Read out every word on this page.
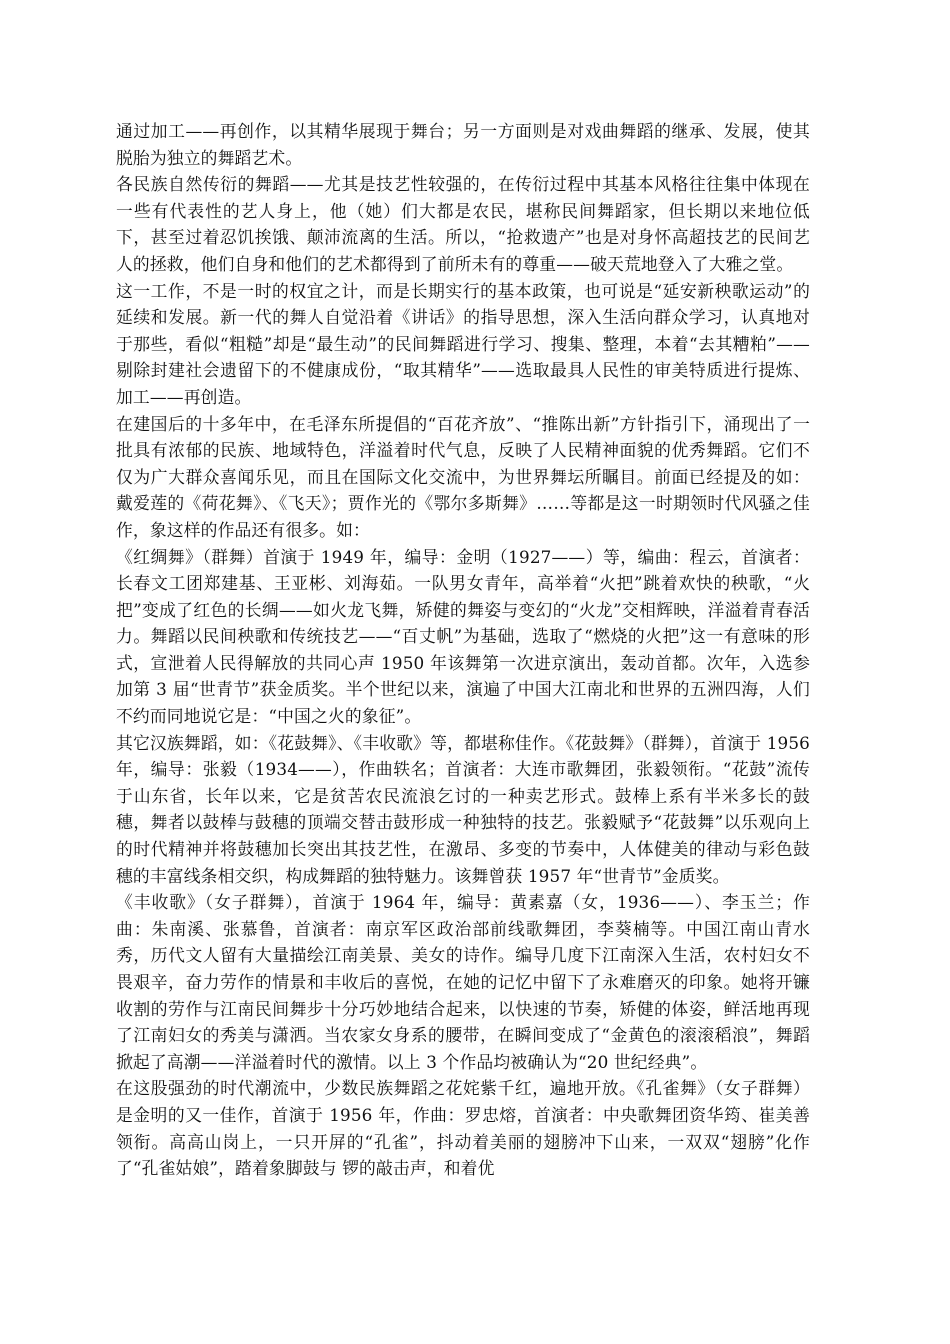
通过加工——再创作，以其精华展现于舞台；另一方面则是对戏曲舞蹈的继承、发展，使其脱胎为独立的舞蹈艺术。

各民族自然传衍的舞蹈——尤其是技艺性较强的，在传衍过程中其基本风格往往集中体现在一些有代表性的艺人身上，他（她）们大都是农民，堪称民间舞蹈家，但长期以来地位低下，甚至过着忍饥挨饿、颠沛流离的生活。所以，“抢救遗产”也是对身怀高超技艺的民间艺人的拯救，他们自身和他们的艺术都得到了前所未有的尊重——破天荒地登入了大雅之堂。

这一工作，不是一时的权宜之计，而是长期实行的基本政策，也可说是“延安新秧歌运动”的延续和发展。新一代的舞人自觉沿着《讲话》的指导思想，深入生活向群众学习，认真地对于那些，看似“粗糙”却是“最生动”的民间舞蹈进行学习、搜集、整理，本着“去其糟粕”——剔除封建社会遗留下的不健康成份，“取其精华”——选取最具人民性的审美特质进行提炼、加工——再创造。

在建国后的十多年中，在毛泽东所提倡的“百花齐放”、“推陈出新”方针指引下，涌现出了一批具有浓郁的民族、地域特色，洋溢着时代气息，反映了人民精神面貌的优秀舞蹈。它们不仅为广大群众喜闻乐见，而且在国际文化交流中，为世界舞坛所瞩目。前面已经提及的如：戴爱莲的《荷花舞》、《飞天》；贾作光的《鄂尔多斯舞》……等都是这一时期领时代风骚之佳作，象这样的作品还有很多。如：

《红绸舞》（群舞）首演于 1949 年，编导：金明（1927——）等，编曲：程云，首演者：长春文工团郑建基、王亚彬、刘海茹。一队男女青年，高举着“火把”跳着欢快的秧歌，“火把”变成了红色的长绸——如火龙飞舞，矫健的舞姿与变幻的“火龙”交相辉映，洋溢着青春活力。舞蹈以民间秧歌和传统技艺——“百丈帆”为基础，选取了“燃烧的火把”这一有意味的形式，宣泄着人民得解放的共同心声 1950 年该舞第一次进京演出，轰动首都。次年，入选参加第 3 届“世青节”获金质奖。半个世纪以来，演遍了中国大江南北和世界的五洲四海，人们不约而同地说它是：“中国之火的象征”。

其它汉族舞蹈，如：《花鼓舞》、《丰收歌》等，都堪称佳作。《花鼓舞》（群舞），首演于 1956 年，编导：张毅（1934——），作曲轶名；首演者：大连市歌舞团，张毅领衔。“花鼓”流传于山东省，长年以来，它是贫苦农民流浪乞讨的一种卖艺形式。鼓棒上系有半米多长的鼓穗，舞者以鼓棒与鼓穗的顶端交替击鼓形成一种独特的技艺。张毅赋予“花鼓舞”以乐观向上的时代精神并将鼓穗加长突出其技艺性，在激昂、多变的节奏中，人体健美的律动与彩色鼓穗的丰富线条相交织，构成舞蹈的独特魅力。该舞曾获 1957 年“世青节”金质奖。

《丰收歌》（女子群舞），首演于 1964 年，编导：黄素嘉（女，1936——）、李玉兰；作曲：朱南溪、张慕鲁，首演者：南京军区政治部前线歌舞团，李葵楠等。中国江南山青水秀，历代文人留有大量描绘江南美景、美女的诗作。编导几度下江南深入生活，农村妇女不畏艰辛，奋力劳作的情景和丰收后的喜悦，在她的记忆中留下了永难磨灭的印象。她将开镰收割的劳作与江南民间舞步十分巧妙地结合起来，以快速的节奏，矫健的体姿，鲜活地再现了江南妇女的秀美与潇洒。当农家女身系的腰带，在瞬间变成了“金黄色的滚滚稻浪”，舞蹈掀起了高潮——洋溢着时代的激情。以上 3 个作品均被确认为“20 世纪经典”。

在这股强劲的时代潮流中，少数民族舞蹈之花姹紫千红，遍地开放。《孔雀舞》（女子群舞）是金明的又一佳作，首演于 1956 年，作曲：罗忠熔，首演者：中央歌舞团资华筠、崔美善领衔。高高山岗上，一只开屏的“孔雀”，抖动着美丽的翅膀冲下山来，一双双“翅膀”化作了“孔雀姑娘”，踏着象脚鼓与 锣的敲击声，和着优
